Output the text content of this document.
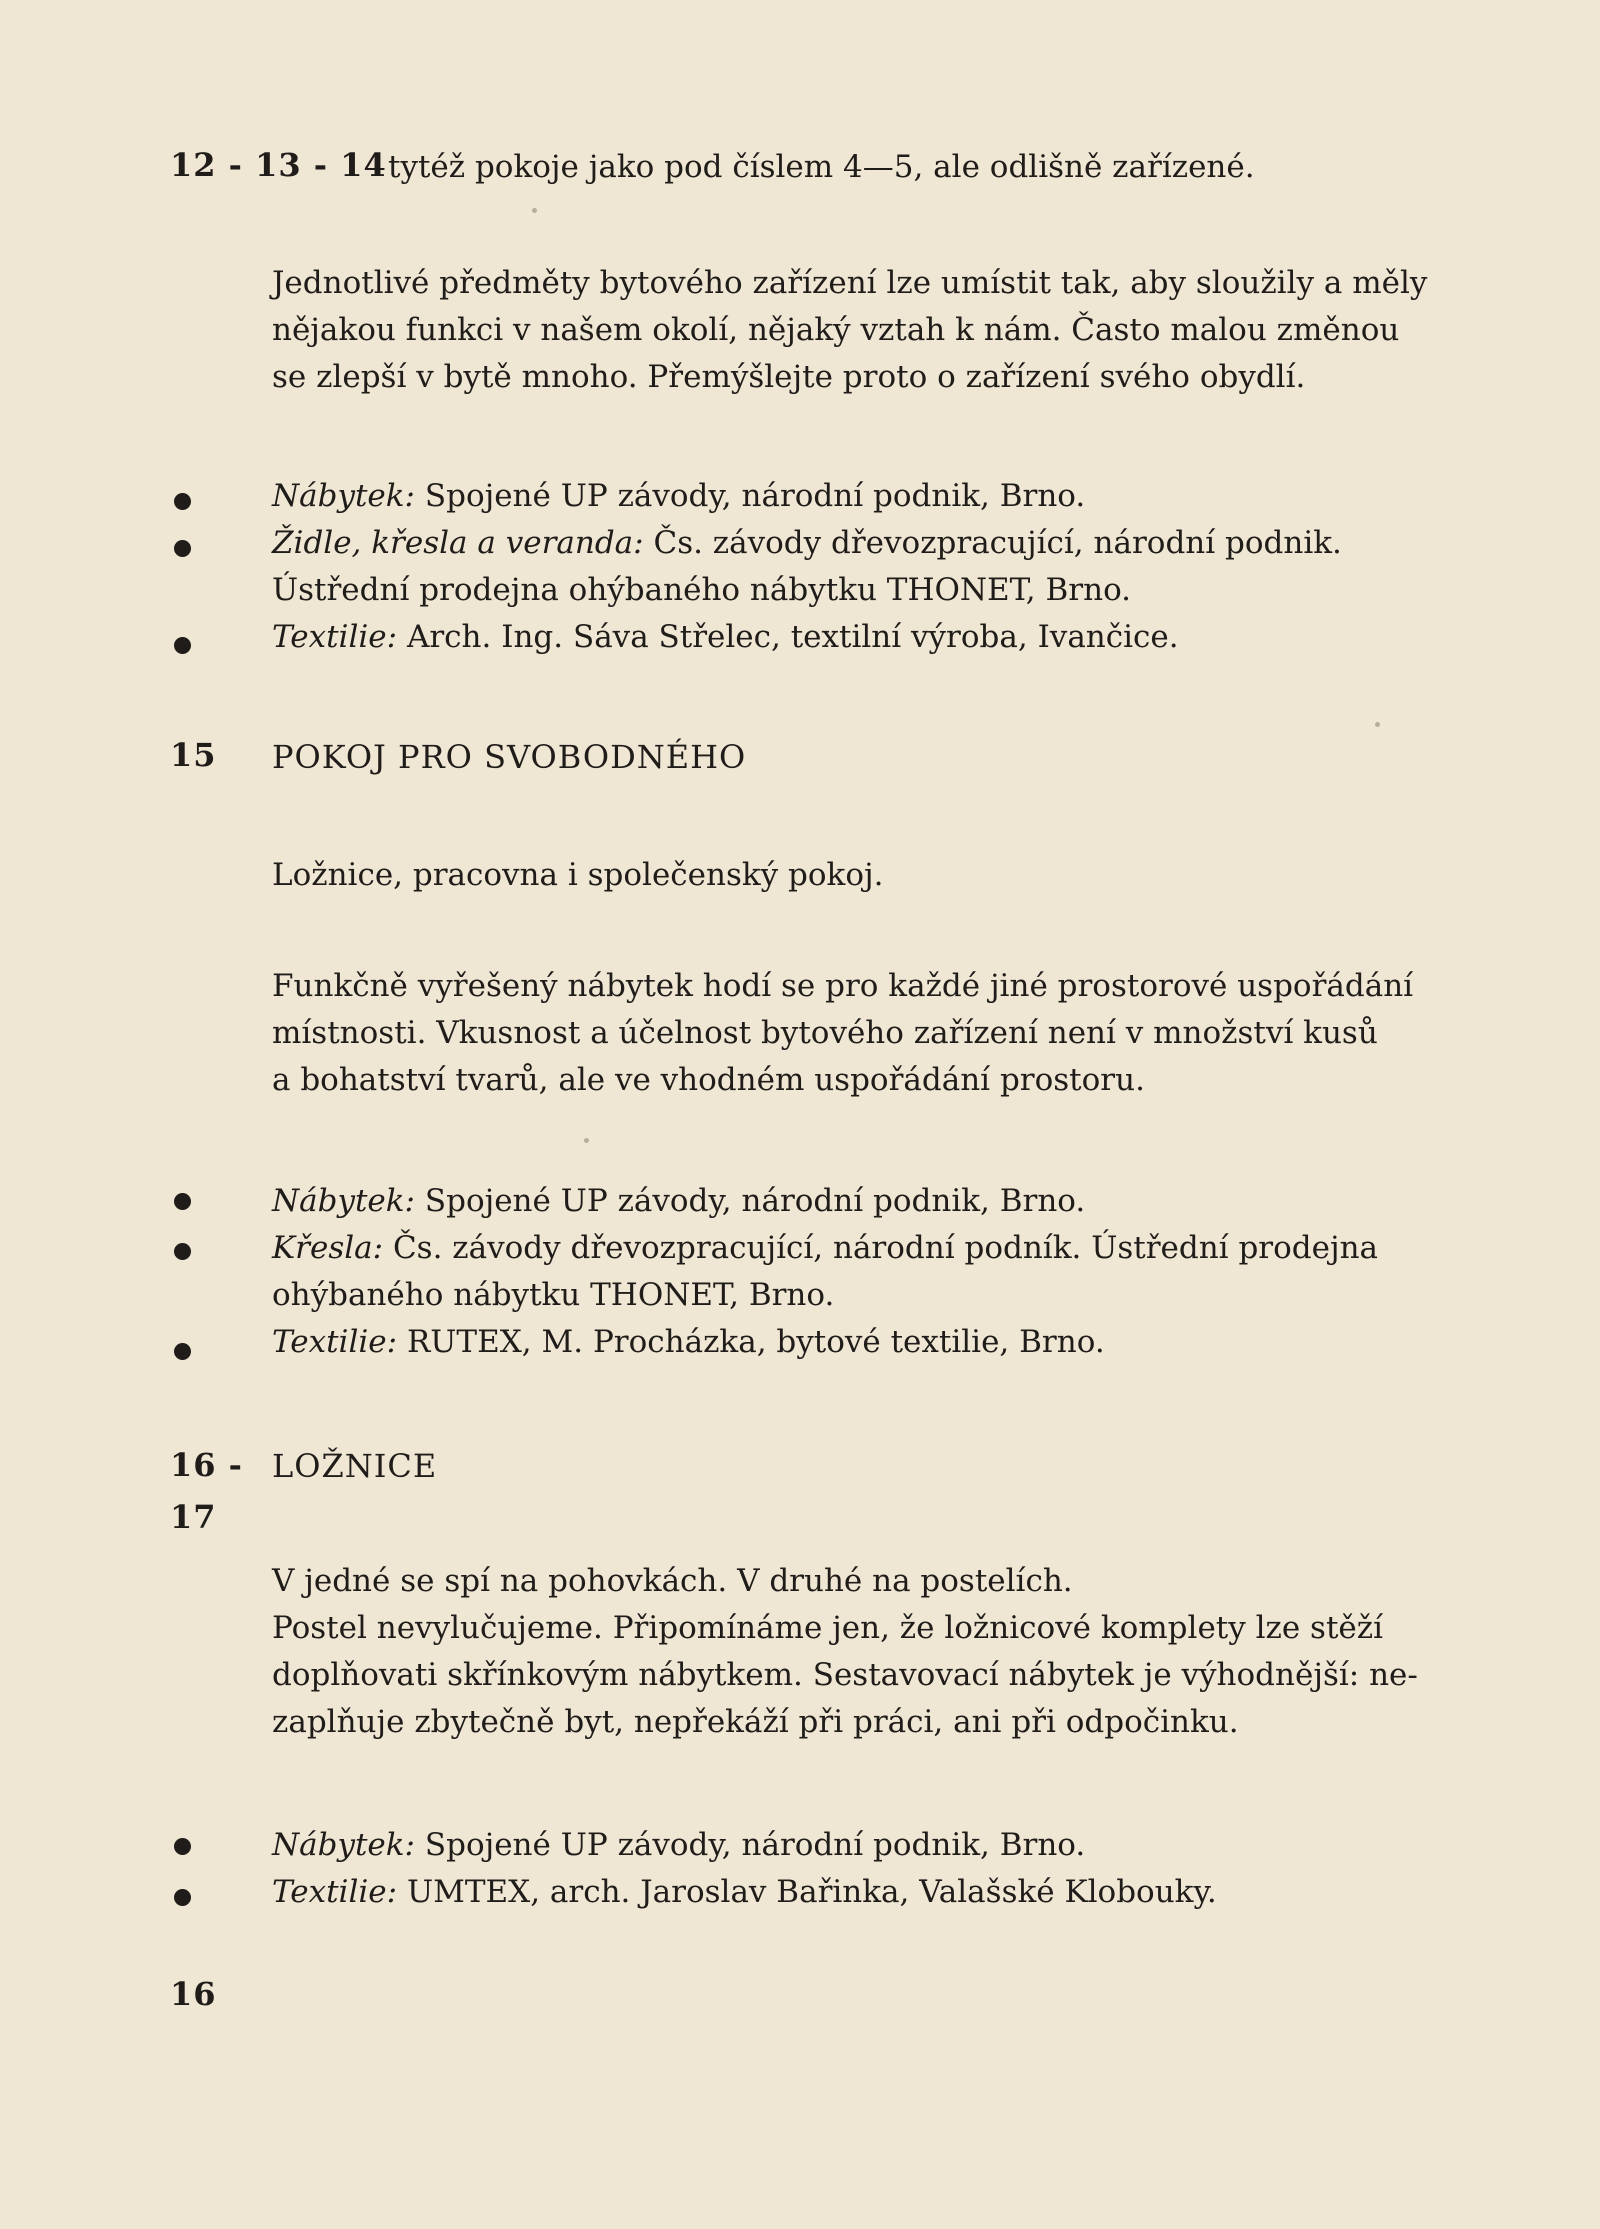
12 - 13 - 14 tytéž pokoje jako pod číslem 4—5, ale odlišně zařízené.
Jednotlivé předměty bytového zařízení lze umístit tak, aby sloužily a měly
nějakou funkci v našem okolí, nějaký vztah k nám. Často malou změnou
se zlepší v bytě mnoho. Přemýšlejte proto o zařízení svého obydlí.
Nábytek: Spojené UP závody, národní podnik, Brno.
Židle, křesla a veranda: Čs. závody dřevozpracující, národní podnik.
Ústřední prodejna ohýbaného nábytku THONET, Brno.
Textilie: Arch. Ing. Sáva Střelec, textilní výroba, Ivančice.
15 POKOJ PRO SVOBODNÉHO
Ložnice, pracovna i společenský pokoj.
Funkčně vyřešený nábytek hodí se pro každé jiné prostorové uspořádání
místnosti. Vkusnost a účelnost bytového zařízení není v množství kusů
a bohatství tvarů, ale ve vhodném uspořádání prostoru.
Nábytek: Spojené UP závody, národní podnik, Brno.
Křesla: Čs. závody dřevozpracující, národní podník. Ústřední prodejna
ohýbaného nábytku THONET, Brno.
Textilie: RUTEX, M. Procházka, bytové textilie, Brno.
16 -
17
LOŽNICE
V jedné se spí na pohovkách. V druhé na postelích.
Postel nevylučujeme. Připomínáme jen, že ložnicové komplety lze stěží
doplňovati skřínkovým nábytkem. Sestavovací nábytek je výhodnější: ne-
zaplňuje zbytečně byt, nepřekáží při práci, ani při odpočinku.
Nábytek: Spojené UP závody, národní podnik, Brno.
Textilie: UMTEX, arch. Jaroslav Bařinka, Valašské Klobouky.
16
